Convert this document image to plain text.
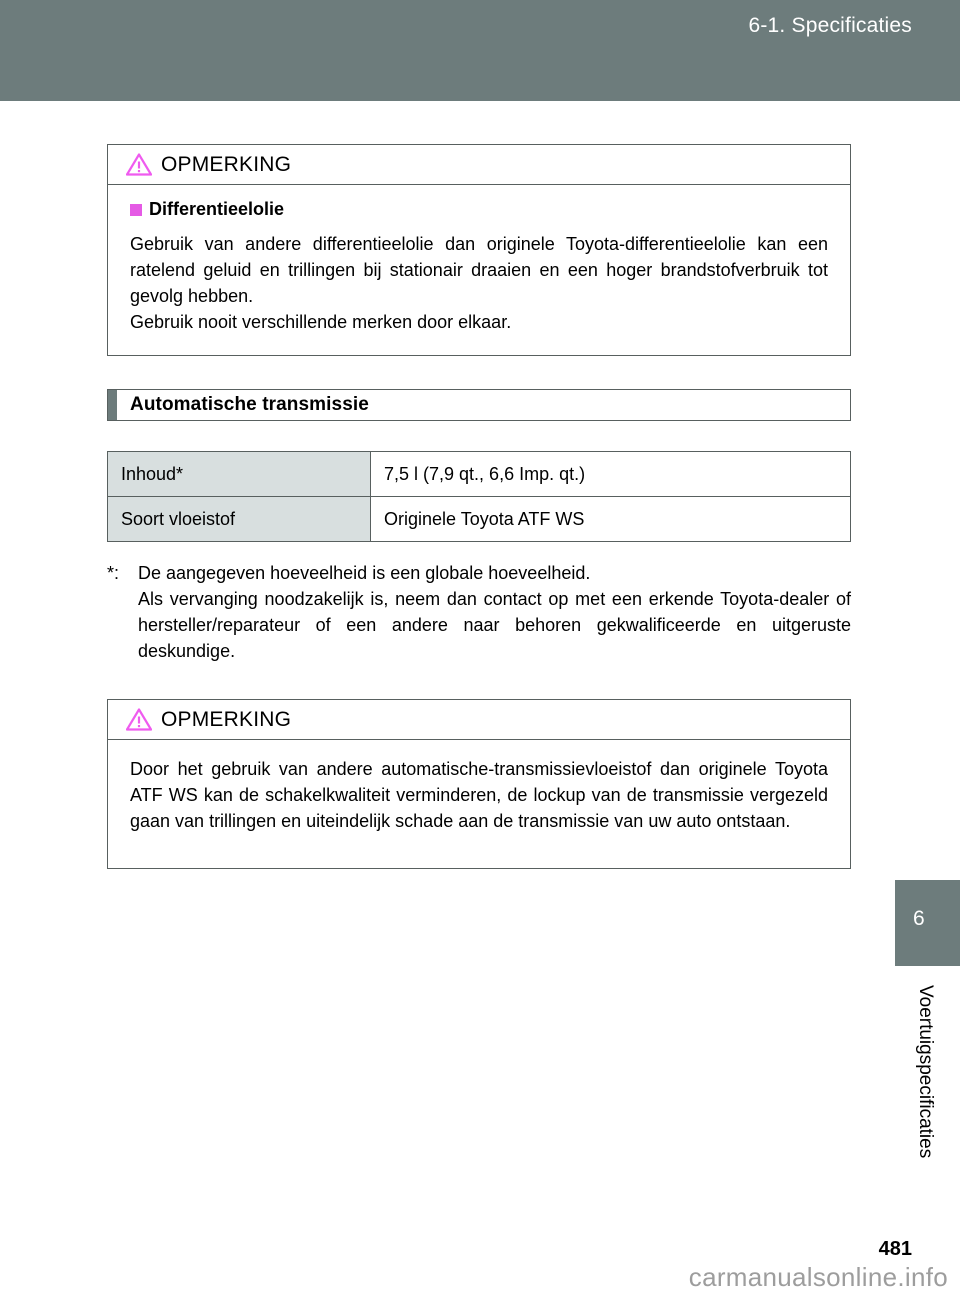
6-1. Specificaties
OPMERKING
Differentieelolie

Gebruik van andere differentieelolie dan originele Toyota-differentieelolie kan een ratelend geluid en trillingen bij stationair draaien en een hoger brandstofverbruik tot gevolg hebben.

Gebruik nooit verschillende merken door elkaar.

Automatische transmissie
Inhoud*	7,5 l (7,9 qt., 6,6 Imp. qt.)
Soort vloeistof	Originele Toyota ATF WS
*:	De aangegeven hoeveelheid is een globale hoeveelheid.
Als vervanging noodzakelijk is, neem dan contact op met een erkende Toyota-dealer of hersteller/reparateur of een andere naar behoren gekwalificeerde en uitgeruste deskundige.
OPMERKING

Door het gebruik van andere automatische-transmissievloeistof dan originele Toyota ATF WS kan de schakelkwaliteit verminderen, de lockup van de transmissie vergezeld gaan van trillingen en uiteindelijk schade aan de transmissie van uw auto ontstaan.

6
Voertuigspecificaties
481
carmanualsonline.info
